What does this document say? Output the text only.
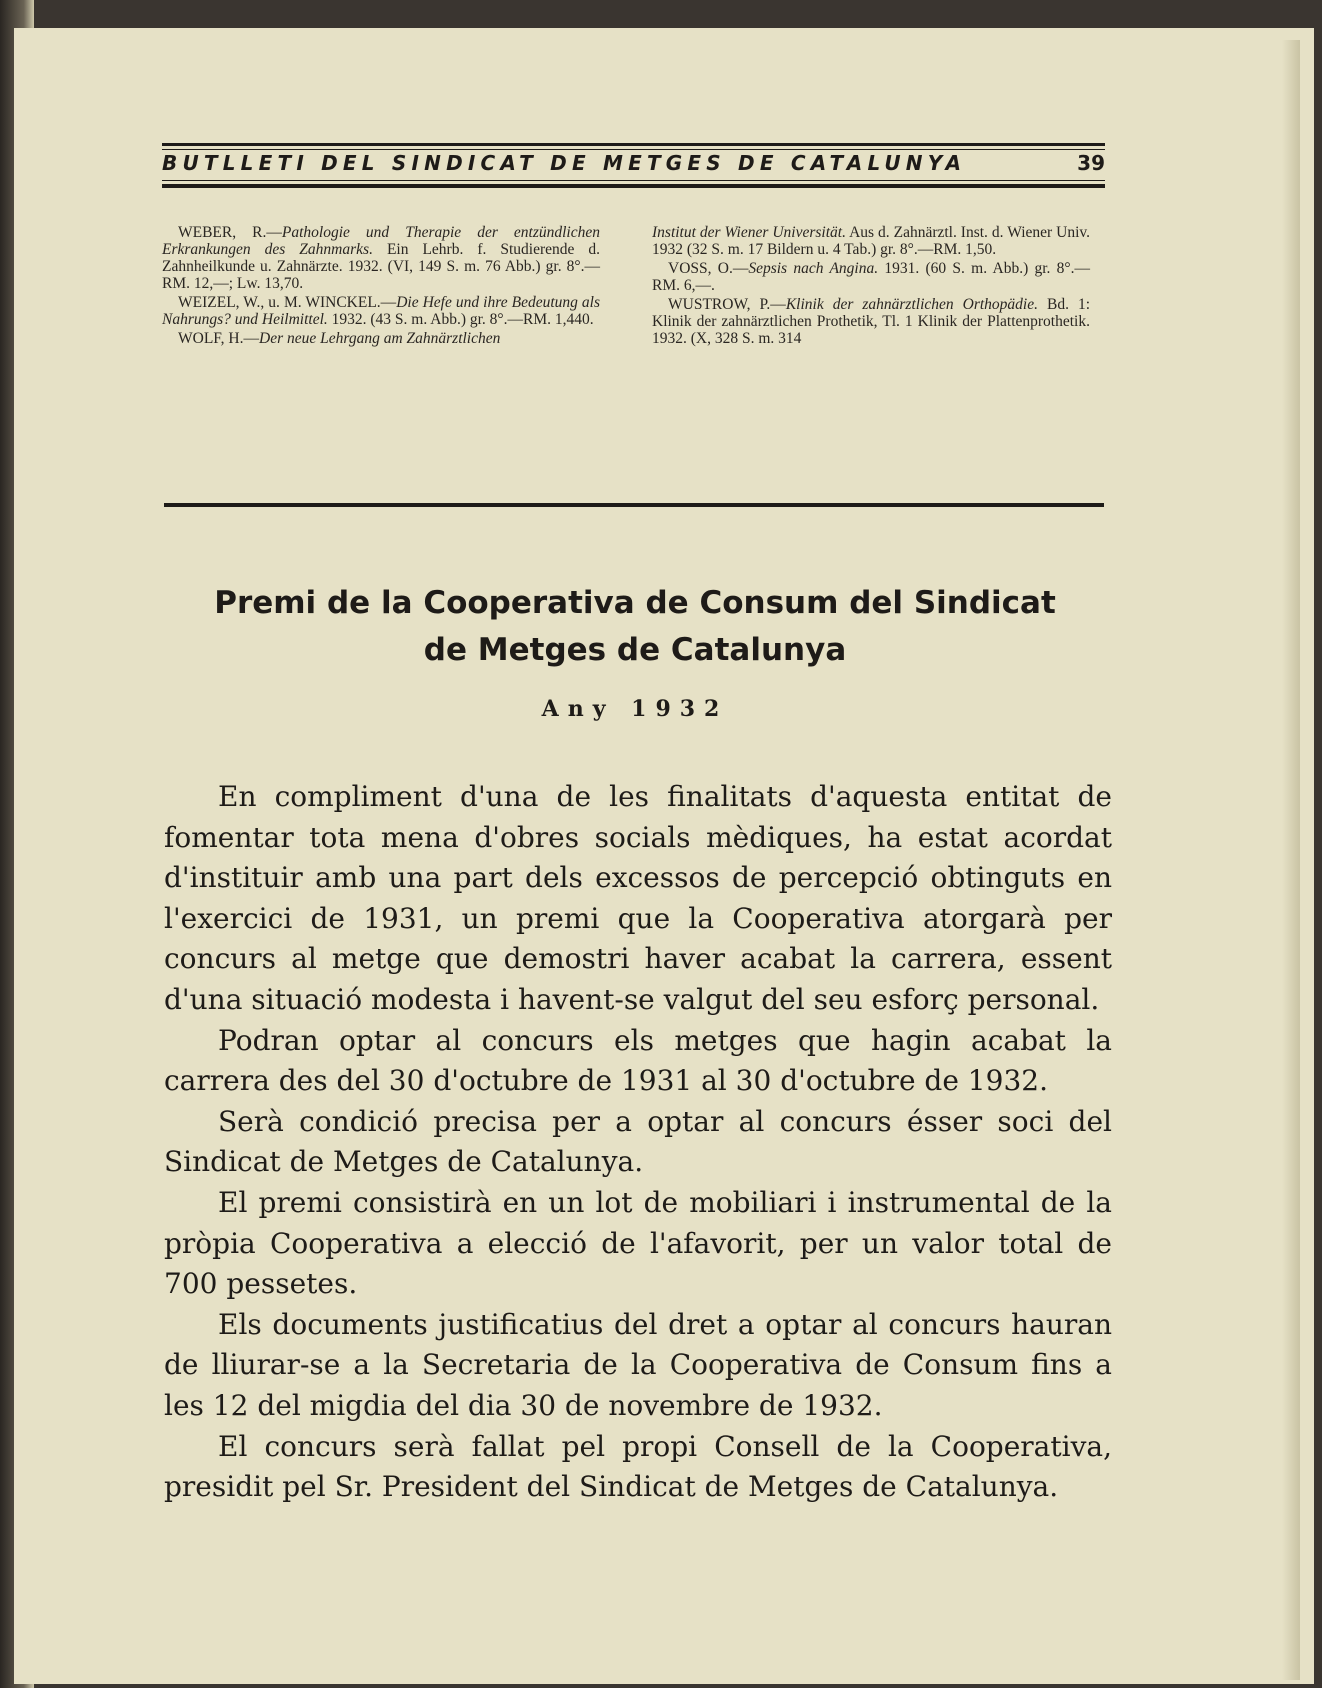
BUTLLETI DEL SINDICAT DE METGES DE CATALUNYA	39

WEBER, R.—Pathologie und Therapie der entzündlichen Erkrankungen des Zahnmarks. Ein Lehrb. f. Studierende d. Zahnheilkunde u. Zahnärzte. 1932. (VI, 149 S. m. 76 Abb.) gr. 8°.—RM. 12,—; Lw. 13,70.

WEIZEL, W., u. M. WINCKEL.—Die Hefe und ihre Bedeutung als Nahrungs? und Heilmittel. 1932. (43 S. m. Abb.) gr. 8°.—RM. 1,440.

WOLF, H.—Der neue Lehrgang am Zahnärztlichen

Institut der Wiener Universität. Aus d. Zahnärztl. Inst. d. Wiener Univ. 1932 (32 S. m. 17 Bildern u. 4 Tab.) gr. 8°.—RM. 1,50.

VOSS, O.—Sepsis nach Angina. 1931. (60 S. m. Abb.) gr. 8°.—RM. 6,—.

WUSTROW, P.—Klinik der zahnärztlichen Orthopädie. Bd. 1: Klinik der zahnärztlichen Prothetik, Tl. 1 Klinik der Plattenprothetik. 1932. (X, 328 S. m. 314

Premi de la Cooperativa de Consum del Sindicat
de Metges de Catalunya
Any 1932

En compliment d'una de les finalitats d'aquesta entitat de fomentar tota mena d'obres socials mèdiques, ha estat acordat d'instituir amb una part dels excessos de percepció obtinguts en l'exercici de 1931, un premi que la Cooperativa atorgarà per concurs al metge que demostri haver acabat la carrera, essent d'una situació modesta i havent-se valgut del seu esforç personal.

Podran optar al concurs els metges que hagin acabat la carrera des del 30 d'octubre de 1931 al 30 d'octubre de 1932.

Serà condició precisa per a optar al concurs ésser soci del Sindicat de Metges de Catalunya.

El premi consistirà en un lot de mobiliari i instrumental de la pròpia Cooperativa a elecció de l'afavorit, per un valor total de 700 pessetes.

Els documents justificatius del dret a optar al concurs hauran de lliurar-se a la Secretaria de la Cooperativa de Consum fins a les 12 del migdia del dia 30 de novembre de 1932.

El concurs serà fallat pel propi Consell de la Cooperativa, presidit pel Sr. President del Sindicat de Metges de Catalunya.
